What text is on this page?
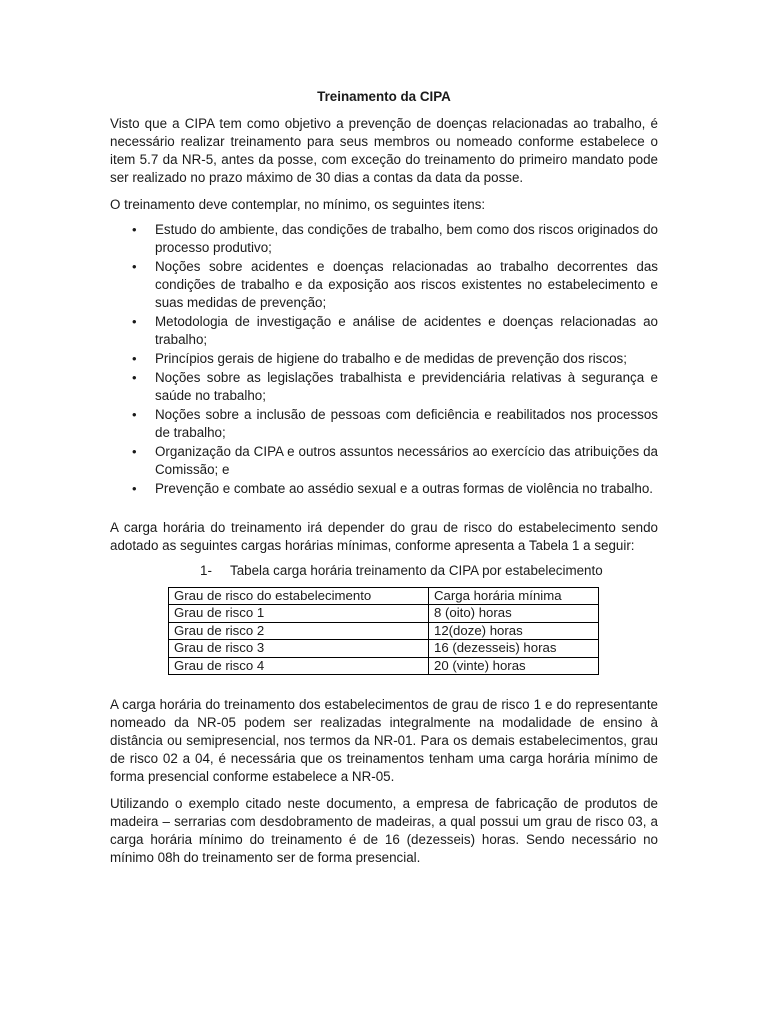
Treinamento da CIPA

Visto que a CIPA tem como objetivo a prevenção de doenças relacionadas ao trabalho, é necessário realizar treinamento para seus membros ou nomeado conforme estabelece o item 5.7 da NR-5, antes da posse, com exceção do treinamento do primeiro mandato pode ser realizado no prazo máximo de 30 dias a contas da data da posse.

O treinamento deve contemplar, no mínimo, os seguintes itens:

• Estudo do ambiente, das condições de trabalho, bem como dos riscos originados do processo produtivo;
• Noções sobre acidentes e doenças relacionadas ao trabalho decorrentes das condições de trabalho e da exposição aos riscos existentes no estabelecimento e suas medidas de prevenção;
• Metodologia de investigação e análise de acidentes e doenças relacionadas ao trabalho;
• Princípios gerais de higiene do trabalho e de medidas de prevenção dos riscos;
• Noções sobre as legislações trabalhista e previdenciária relativas à segurança e saúde no trabalho;
• Noções sobre a inclusão de pessoas com deficiência e reabilitados nos processos de trabalho;
• Organização da CIPA e outros assuntos necessários ao exercício das atribuições da Comissão; e
• Prevenção e combate ao assédio sexual e a outras formas de violência no trabalho.

A carga horária do treinamento irá depender do grau de risco do estabelecimento sendo adotado as seguintes cargas horárias mínimas, conforme apresenta a Tabela 1 a seguir:

1- Tabela carga horária treinamento da CIPA por estabelecimento
Grau de risco do estabelecimento	Carga horária mínima
Grau de risco 1	8 (oito) horas
Grau de risco 2	12(doze) horas
Grau de risco 3	16 (dezesseis) horas
Grau de risco 4	20 (vinte) horas

A carga horária do treinamento dos estabelecimentos de grau de risco 1 e do representante nomeado da NR-05 podem ser realizadas integralmente na modalidade de ensino à distância ou semipresencial, nos termos da NR-01. Para os demais estabelecimentos, grau de risco 02 a 04, é necessária que os treinamentos tenham uma carga horária mínimo de forma presencial conforme estabelece a NR-05.

Utilizando o exemplo citado neste documento, a empresa de fabricação de produtos de madeira – serrarias com desdobramento de madeiras, a qual possui um grau de risco 03, a carga horária mínimo do treinamento é de 16 (dezesseis) horas. Sendo necessário no mínimo 08h do treinamento ser de forma presencial.
